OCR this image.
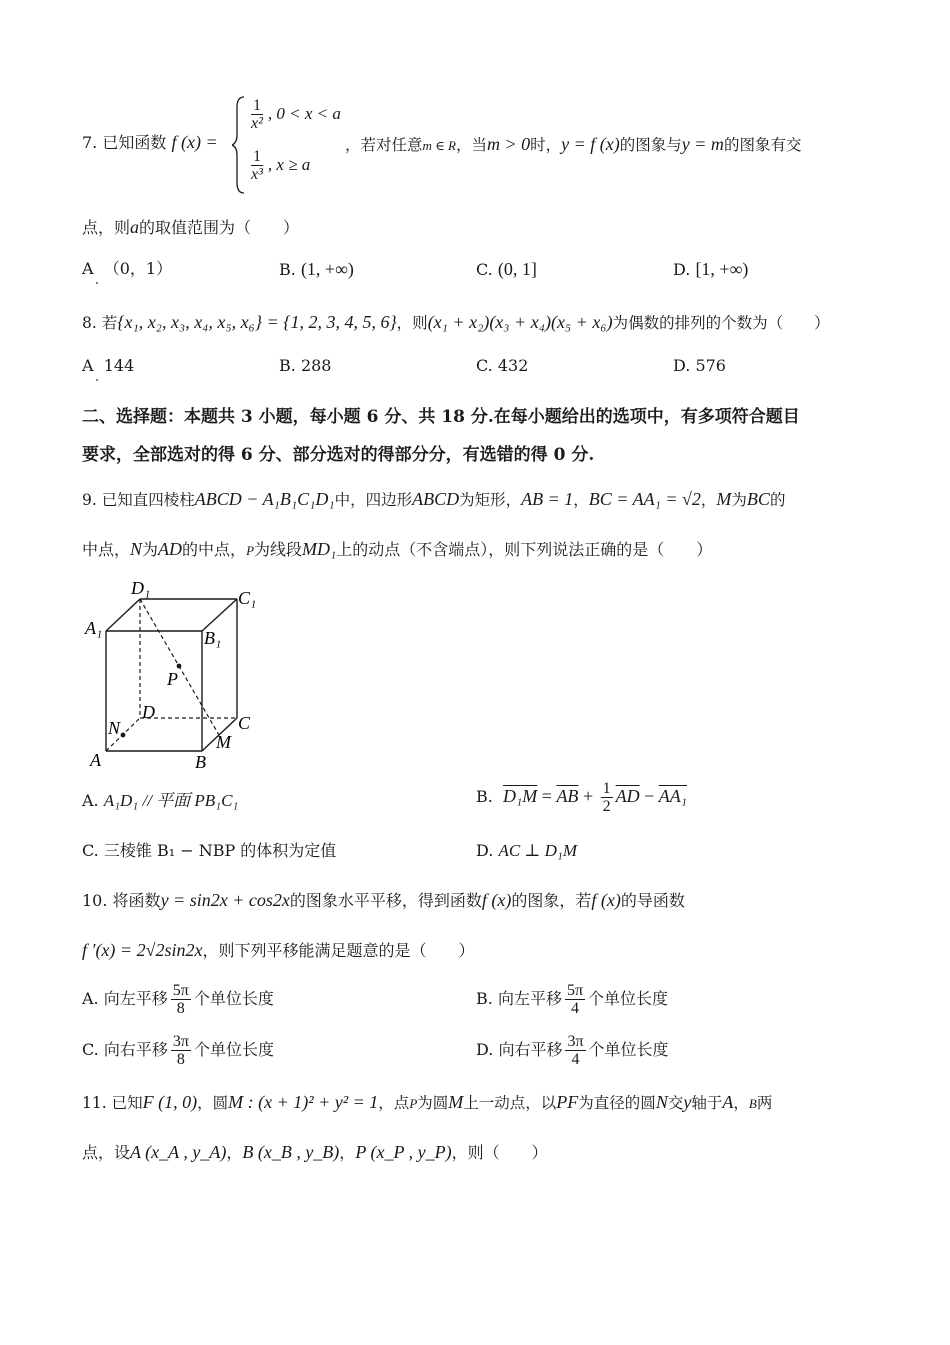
7. 已知函数 f (x) =
$\frac{1}{\text{x²}}$ , 0 < x < a
$\frac{1}{\text{x³}}$ , x ≥ a
，若对任意m ∈ R，当m > 0时，y = f (x)的图象与y = m的图象有交
点，则a的取值范围为（　　）
A （0，1）	B. (1, +∞)	C. (0, 1]	D. [1, +∞)
8. 若{x₁, x₂, x₃, x₄, x₅, x₆} = {1, 2, 3, 4, 5, 6}，则(x₁ + x₂)(x₃ + x₄)(x₅ + x₆)为偶数的排列的个数为（　　）
A 144	B. 288	C. 432	D. 576
二、选择题：本题共 3 小题，每小题 6 分、共 18 分.在每小题给出的选项中，有多项符合题目
要求，全部选对的得 6 分、部分选对的得部分分，有选错的得 0 分.
9. 已知直四棱柱ABCD − A₁B₁C₁D₁中，四边形ABCD为矩形，AB = 1，BC = AA₁ = √2，M为BC的
中点，N为AD的中点，P为线段MD₁上的动点（不含端点），则下列说法正确的是（　　）
D₁	C₁
A₁	B₁
P
D
C
N
M
A	B
A. A₁D₁ // 平面 PB₁C₁	B. $D_1M = \overline{AB} + \frac{1}{2} \overline{AD} - AA_1$
C. 三棱锥 B₁ − NBP 的体积为定值	D. AC ⊥ D₁M
10. 将函数y = sin2x + cos2x的图象水平平移，得到函数f (x)的图象，若f (x)的导函数
f ′(x) = 2√2sin2x，则下列平移能满足题意的是（　　）
A. 向左平移 $\frac{5\pi}{8}$ 个单位长度	B. 向左平移 $\frac{5\pi}{4}$ 个单位长度
C. 向右平移 $\frac{3\pi}{8}$ 个单位长度	D. 向右平移 $\frac{3\pi}{4}$ 个单位长度
11. 已知F (1, 0)，圆M : (x + 1)² + y² = 1，点P为圆M上一动点，以PF为直径的圆N交y轴于A，B两
点，设A (x_A , y_A)，B (x_B , y_B)，P (x_P , y_P)，则（　　）
